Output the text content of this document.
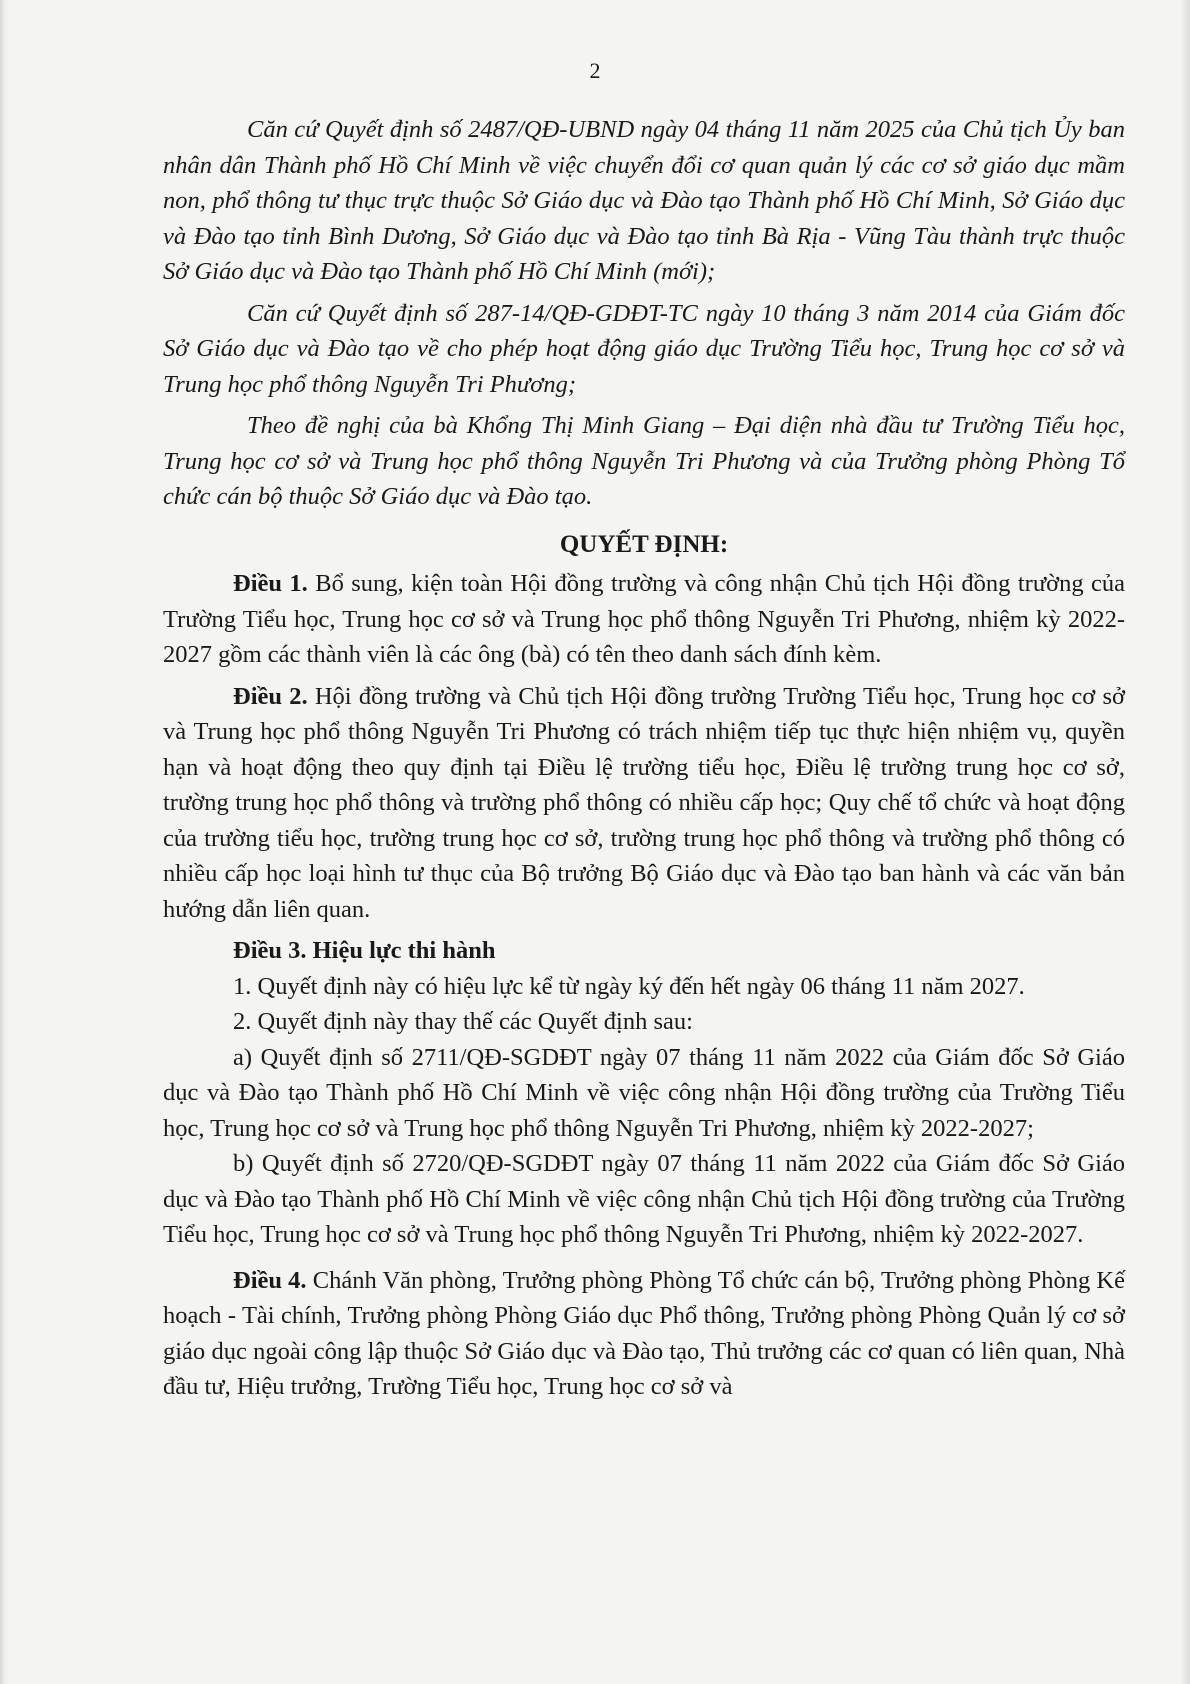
2

Căn cứ Quyết định số 2487/QĐ-UBND ngày 04 tháng 11 năm 2025 của Chủ tịch Ủy ban nhân dân Thành phố Hồ Chí Minh về việc chuyển đổi cơ quan quản lý các cơ sở giáo dục mầm non, phổ thông tư thục trực thuộc Sở Giáo dục và Đào tạo Thành phố Hồ Chí Minh, Sở Giáo dục và Đào tạo tỉnh Bình Dương, Sở Giáo dục và Đào tạo tỉnh Bà Rịa - Vũng Tàu thành trực thuộc Sở Giáo dục và Đào tạo Thành phố Hồ Chí Minh (mới);

Căn cứ Quyết định số 287-14/QĐ-GDĐT-TC ngày 10 tháng 3 năm 2014 của Giám đốc Sở Giáo dục và Đào tạo về cho phép hoạt động giáo dục Trường Tiểu học, Trung học cơ sở và Trung học phổ thông Nguyễn Tri Phương;

Theo đề nghị của bà Khổng Thị Minh Giang – Đại diện nhà đầu tư Trường Tiểu học, Trung học cơ sở và Trung học phổ thông Nguyễn Tri Phương và của Trưởng phòng Phòng Tổ chức cán bộ thuộc Sở Giáo dục và Đào tạo.

QUYẾT ĐỊNH:

Điều 1. Bổ sung, kiện toàn Hội đồng trường và công nhận Chủ tịch Hội đồng trường của Trường Tiểu học, Trung học cơ sở và Trung học phổ thông Nguyễn Tri Phương, nhiệm kỳ 2022-2027 gồm các thành viên là các ông (bà) có tên theo danh sách đính kèm.

Điều 2. Hội đồng trường và Chủ tịch Hội đồng trường Trường Tiểu học, Trung học cơ sở và Trung học phổ thông Nguyễn Tri Phương có trách nhiệm tiếp tục thực hiện nhiệm vụ, quyền hạn và hoạt động theo quy định tại Điều lệ trường tiểu học, Điều lệ trường trung học cơ sở, trường trung học phổ thông và trường phổ thông có nhiều cấp học; Quy chế tổ chức và hoạt động của trường tiểu học, trường trung học cơ sở, trường trung học phổ thông và trường phổ thông có nhiều cấp học loại hình tư thục của Bộ trưởng Bộ Giáo dục và Đào tạo ban hành và các văn bản hướng dẫn liên quan.

Điều 3. Hiệu lực thi hành

1. Quyết định này có hiệu lực kể từ ngày ký đến hết ngày 06 tháng 11 năm 2027.

2. Quyết định này thay thế các Quyết định sau:

a) Quyết định số 2711/QĐ-SGDĐT ngày 07 tháng 11 năm 2022 của Giám đốc Sở Giáo dục và Đào tạo Thành phố Hồ Chí Minh về việc công nhận Hội đồng trường của Trường Tiểu học, Trung học cơ sở và Trung học phổ thông Nguyễn Tri Phương, nhiệm kỳ 2022-2027;

b) Quyết định số 2720/QĐ-SGDĐT ngày 07 tháng 11 năm 2022 của Giám đốc Sở Giáo dục và Đào tạo Thành phố Hồ Chí Minh về việc công nhận Chủ tịch Hội đồng trường của Trường Tiểu học, Trung học cơ sở và Trung học phổ thông Nguyễn Tri Phương, nhiệm kỳ 2022-2027.

Điều 4. Chánh Văn phòng, Trưởng phòng Phòng Tổ chức cán bộ, Trưởng phòng Phòng Kế hoạch - Tài chính, Trưởng phòng Phòng Giáo dục Phổ thông, Trưởng phòng Phòng Quản lý cơ sở giáo dục ngoài công lập thuộc Sở Giáo dục và Đào tạo, Thủ trưởng các cơ quan có liên quan, Nhà đầu tư, Hiệu trưởng, Trường Tiểu học, Trung học cơ sở và
